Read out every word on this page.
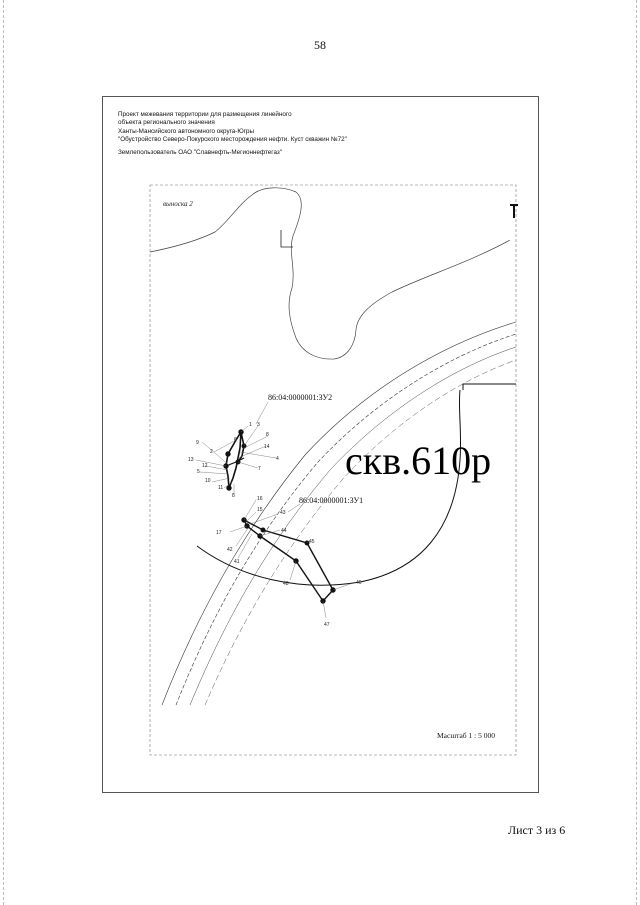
58
Проект межевания территории для размещения линейного
объекта регионального значения
Ханты-Мансийского автономного округа-Югры
"Обустройство Северо-Покурского месторождения нефти. Куст скважин №72"
Землепользователь ОАО "Славнефть-Мегионнефтегаз"
1
2
3
4
5
6
7
8
9
10
11
12
13
14
8
15
16
17
41
42
43
44
45
46
47
48
выноска 2
86:04:0000001:ЗУ2
86:04:0000001:ЗУ1
скв.610р
Масштаб 1 : 5 000
Лист 3 из 6
